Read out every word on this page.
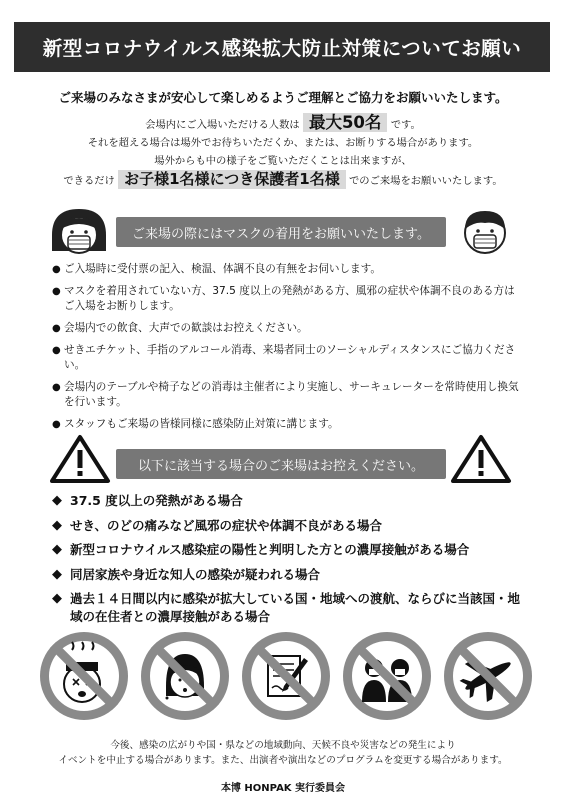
新型コロナウイルス感染拡大防止対策についてお願い
ご来場のみなさまが安心して楽しめるようご理解とご協力をお願いいたします。
会場内にご入場いただける人数は 最大50名 です。
それを超える場合は場外でお待ちいただくか、または、お断りする場合があります。
場外からも中の様子をご覧いただくことは出来ますが、
できるだけ お子様1名様につき保護者1名様 でのご来場をお願いいたします。
ご来場の際にはマスクの着用をお願いいたします。
● ご入場時に受付票の記入、検温、体調不良の有無をお伺いします。
● マスクを着用されていない方、37.5 度以上の発熱がある方、風邪の症状や体調不良のある方はご入場をお断りします。
● 会場内での飲食、大声での歓談はお控えください。
● せきエチケット、手指のアルコール消毒、来場者同士のソーシャルディスタンスにご協力ください。
● 会場内のテーブルや椅子などの消毒は主催者により実施し、サーキュレーターを常時使用し換気を行います。
● スタッフもご来場の皆様同様に感染防止対策に講じます。
以下に該当する場合のご来場はお控えください。
◆ 37.5 度以上の発熱がある場合
◆ せき、のどの痛みなど風邪の症状や体調不良がある場合
◆ 新型コロナウイルス感染症の陽性と判明した方との濃厚接触がある場合
◆ 同居家族や身近な知人の感染が疑われる場合
◆ 過去１４日間以内に感染が拡大している国・地域への渡航、ならびに当該国・地域の在住者との濃厚接触がある場合
今後、感染の広がりや国・県などの地域動向、天候不良や災害などの発生により
イベントを中止する場合があります。また、出演者や演出などのプログラムを変更する場合があります。
本博 HONPAK 実行委員会
